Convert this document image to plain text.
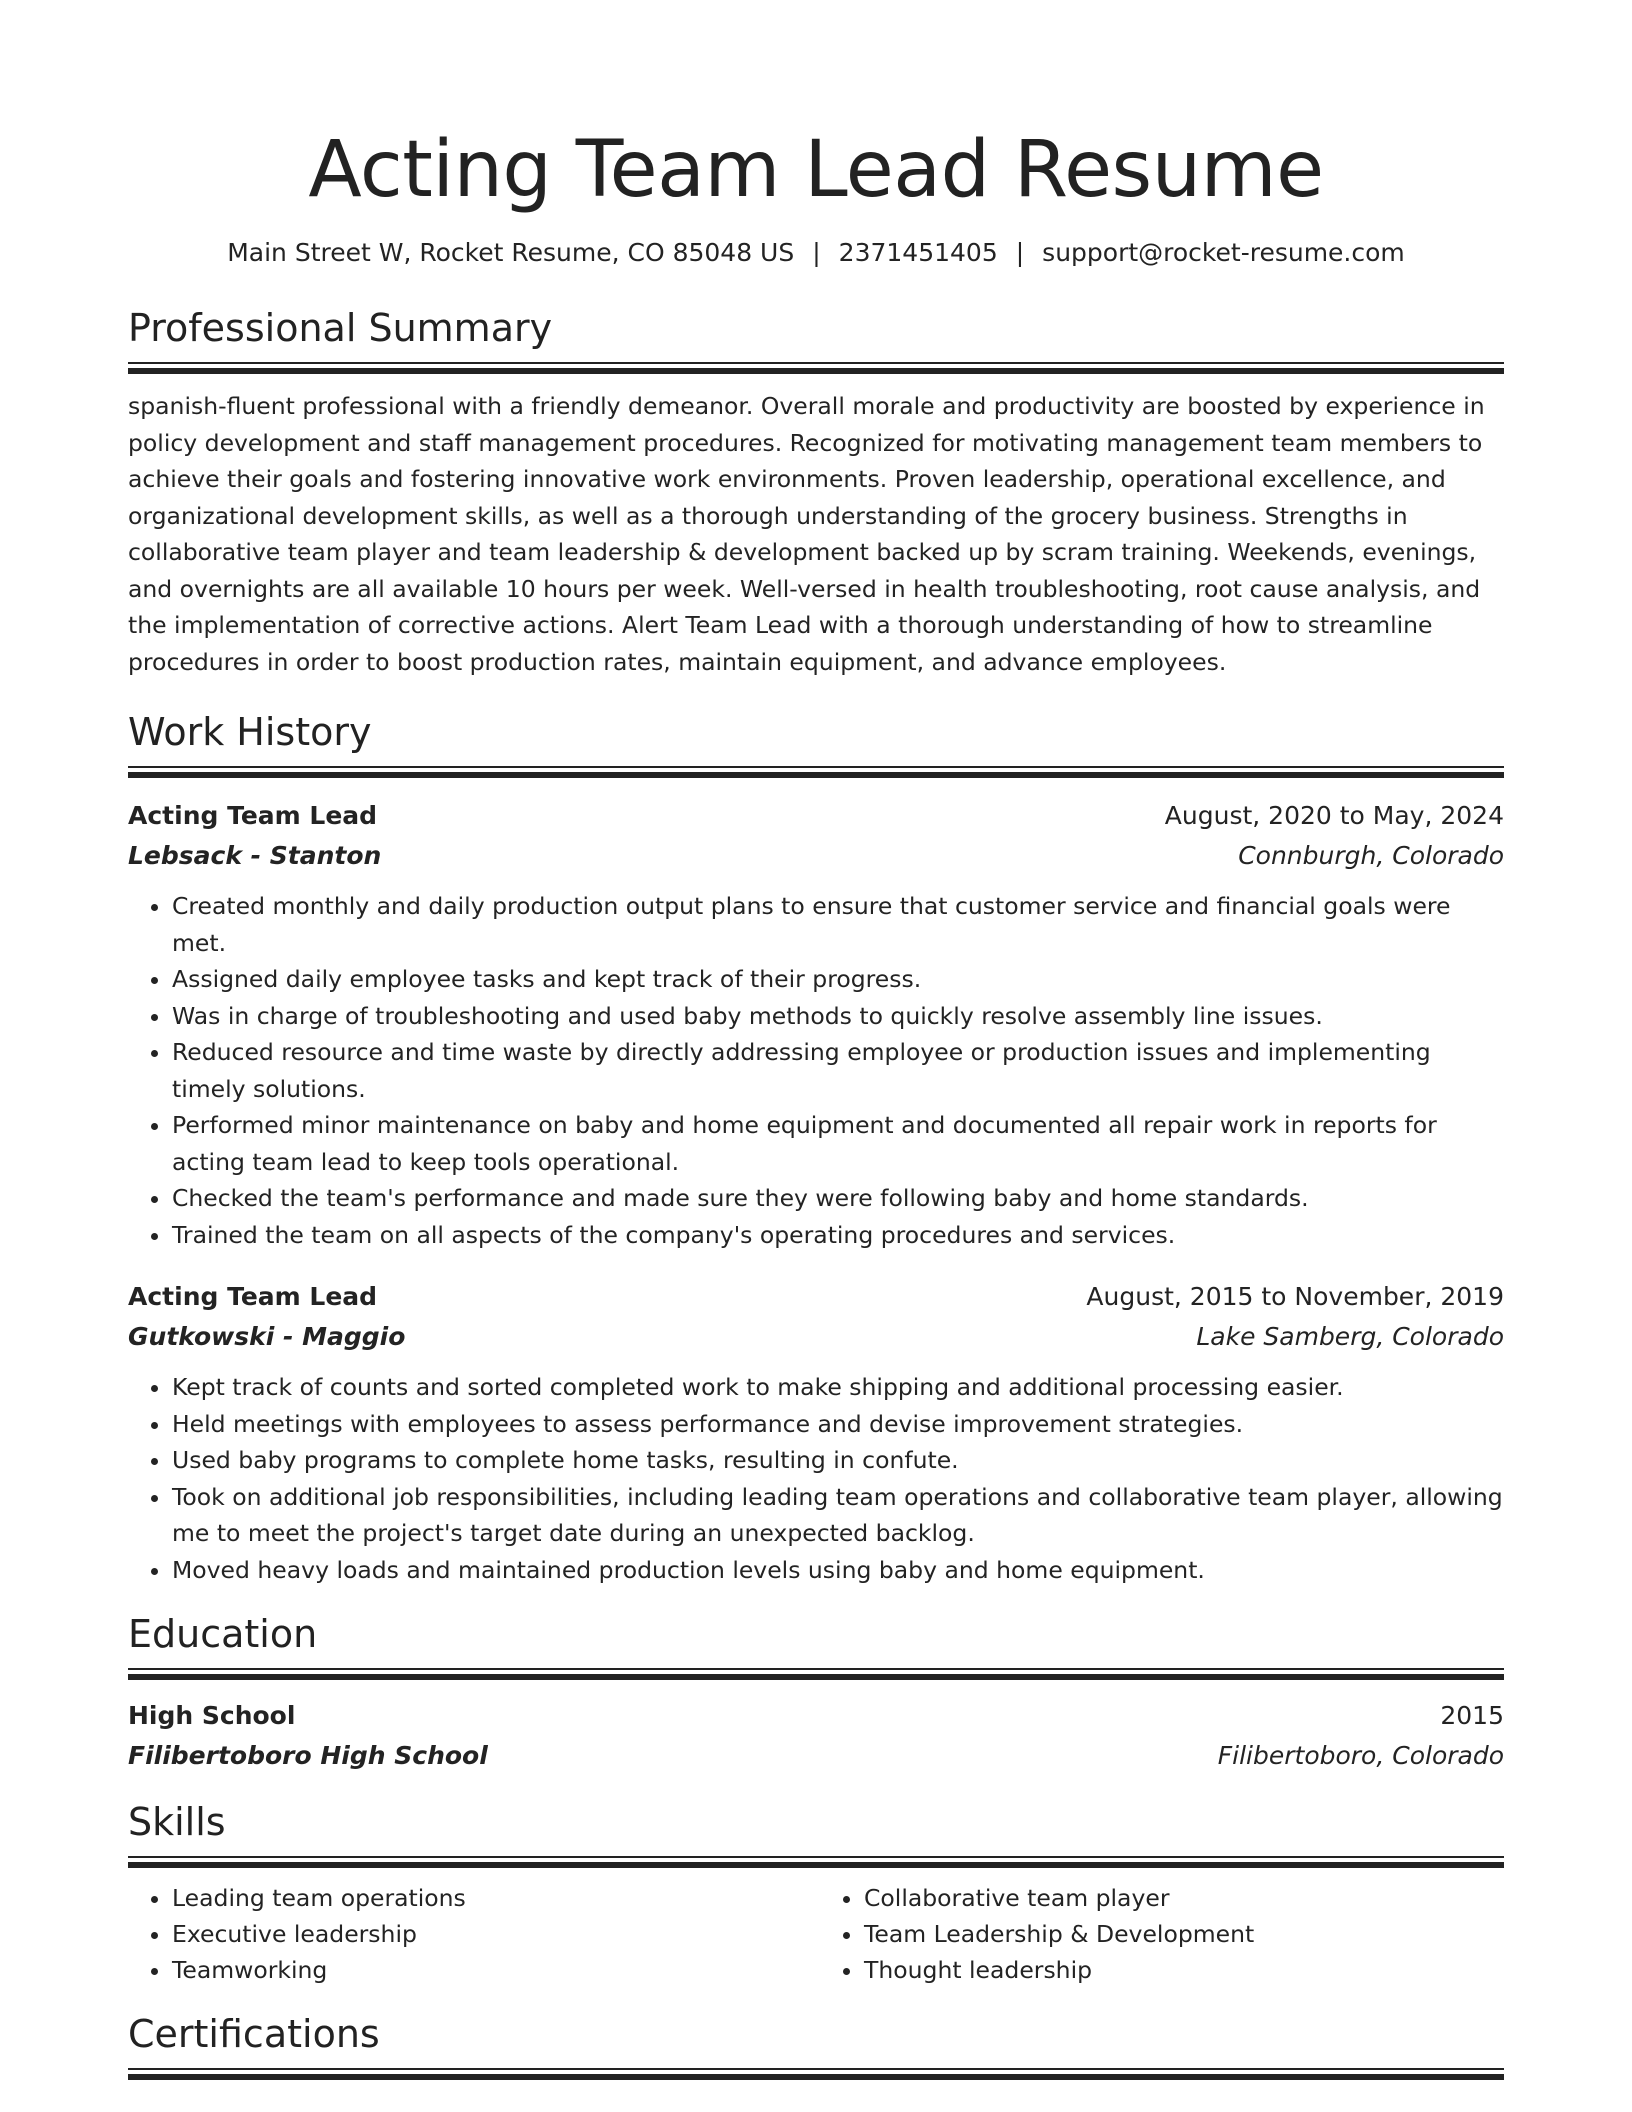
Acting Team Lead Resume
Main Street W, Rocket Resume, CO 85048 US | 2371451405 | support@rocket-resume.com
Professional Summary
spanish-fluent professional with a friendly demeanor. Overall morale and productivity are boosted by experience in policy development and staff management procedures. Recognized for motivating management team members to achieve their goals and fostering innovative work environments. Proven leadership, operational excellence, and organizational development skills, as well as a thorough understanding of the grocery business. Strengths in collaborative team player and team leadership & development backed up by scram training. Weekends, evenings, and overnights are all available 10 hours per week. Well-versed in health troubleshooting, root cause analysis, and the implementation of corrective actions. Alert Team Lead with a thorough understanding of how to streamline procedures in order to boost production rates, maintain equipment, and advance employees.
Work History
Acting Team Lead	August, 2020 to May, 2024
Lebsack - Stanton	Connburgh, Colorado
• Created monthly and daily production output plans to ensure that customer service and financial goals were met.
• Assigned daily employee tasks and kept track of their progress.
• Was in charge of troubleshooting and used baby methods to quickly resolve assembly line issues.
• Reduced resource and time waste by directly addressing employee or production issues and implementing timely solutions.
• Performed minor maintenance on baby and home equipment and documented all repair work in reports for acting team lead to keep tools operational.
• Checked the team's performance and made sure they were following baby and home standards.
• Trained the team on all aspects of the company's operating procedures and services.
Acting Team Lead	August, 2015 to November, 2019
Gutkowski - Maggio	Lake Samberg, Colorado
• Kept track of counts and sorted completed work to make shipping and additional processing easier.
• Held meetings with employees to assess performance and devise improvement strategies.
• Used baby programs to complete home tasks, resulting in confute.
• Took on additional job responsibilities, including leading team operations and collaborative team player, allowing me to meet the project's target date during an unexpected backlog.
• Moved heavy loads and maintained production levels using baby and home equipment.
Education
High School	2015
Filibertoboro High School	Filibertoboro, Colorado
Skills
• Leading team operations
• Executive leadership
• Teamworking
• Collaborative team player
• Team Leadership & Development
• Thought leadership
Certifications
